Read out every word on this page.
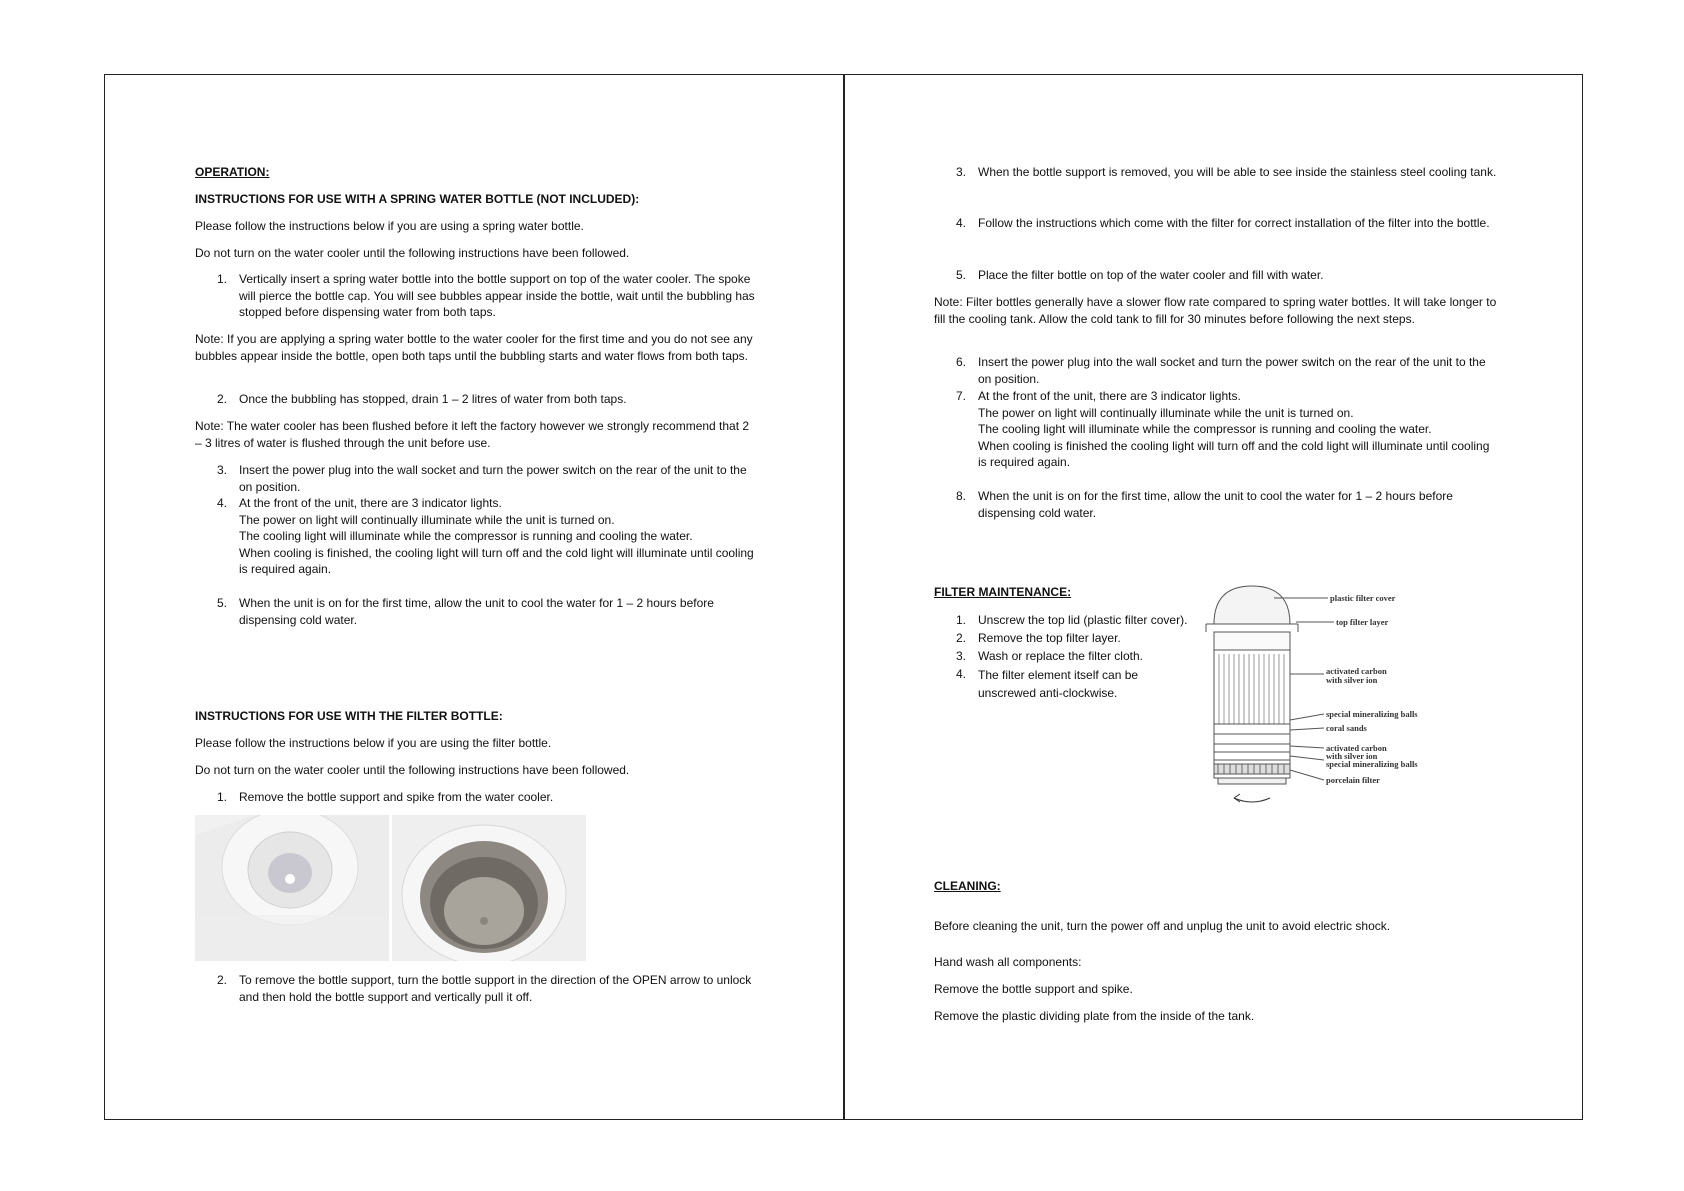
OPERATION:
INSTRUCTIONS FOR USE WITH A SPRING WATER BOTTLE (NOT INCLUDED):
Please follow the instructions below if you are using a spring water bottle.
Do not turn on the water cooler until the following instructions have been followed.
1. Vertically insert a spring water bottle into the bottle support on top of the water cooler. The spoke will pierce the bottle cap. You will see bubbles appear inside the bottle, wait until the bubbling has stopped before dispensing water from both taps.
Note: If you are applying a spring water bottle to the water cooler for the first time and you do not see any bubbles appear inside the bottle, open both taps until the bubbling starts and water flows from both taps.
2. Once the bubbling has stopped, drain 1 – 2 litres of water from both taps.
Note: The water cooler has been flushed before it left the factory however we strongly recommend that 2 – 3 litres of water is flushed through the unit before use.
3. Insert the power plug into the wall socket and turn the power switch on the rear of the unit to the on position.
4. At the front of the unit, there are 3 indicator lights.
The power on light will continually illuminate while the unit is turned on.
The cooling light will illuminate while the compressor is running and cooling the water.
When cooling is finished, the cooling light will turn off and the cold light will illuminate until cooling is required again.
5. When the unit is on for the first time, allow the unit to cool the water for 1 – 2 hours before dispensing cold water.
INSTRUCTIONS FOR USE WITH THE FILTER BOTTLE:
Please follow the instructions below if you are using the filter bottle.
Do not turn on the water cooler until the following instructions have been followed.
1. Remove the bottle support and spike from the water cooler.
2. To remove the bottle support, turn the bottle support in the direction of the OPEN arrow to unlock and then hold the bottle support and vertically pull it off.
3. When the bottle support is removed, you will be able to see inside the stainless steel cooling tank.
4. Follow the instructions which come with the filter for correct installation of the filter into the bottle.
5. Place the filter bottle on top of the water cooler and fill with water.
Note: Filter bottles generally have a slower flow rate compared to spring water bottles. It will take longer to fill the cooling tank. Allow the cold tank to fill for 30 minutes before following the next steps.
6. Insert the power plug into the wall socket and turn the power switch on the rear of the unit to the on position.
7. At the front of the unit, there are 3 indicator lights.
The power on light will continually illuminate while the unit is turned on.
The cooling light will illuminate while the compressor is running and cooling the water.
When cooling is finished the cooling light will turn off and the cold light will illuminate until cooling is required again.
8. When the unit is on for the first time, allow the unit to cool the water for 1 – 2 hours before dispensing cold water.
FILTER MAINTENANCE:
1. Unscrew the top lid (plastic filter cover).
2. Remove the top filter layer.
3. Wash or replace the filter cloth.
4. The filter element itself can be unscrewed anti-clockwise.
plastic filter cover
top filter layer
activated carbon
with silver ion
special mineralizing balls
coral sands
activated carbon
with silver ion
special mineralizing balls
porcelain filter
CLEANING:
Before cleaning the unit, turn the power off and unplug the unit to avoid electric shock.
Hand wash all components:
Remove the bottle support and spike.
Remove the plastic dividing plate from the inside of the tank.
